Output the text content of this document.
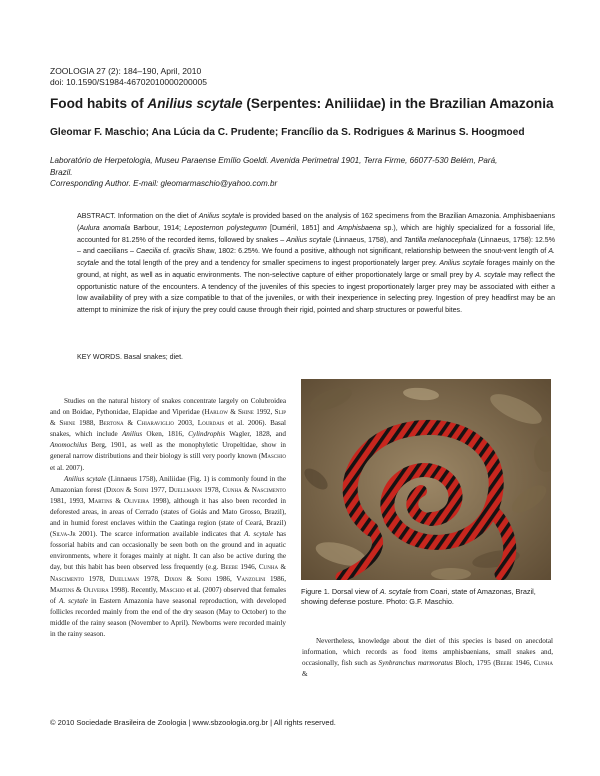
ZOOLOGIA 27 (2): 184–190, April, 2010
doi: 10.1590/S1984-46702010000200005
Food habits of Anilius scytale (Serpentes: Aniliidae) in the Brazilian Amazonia
Gleomar F. Maschio; Ana Lúcia da C. Prudente; Francílio da S. Rodrigues & Marinus S. Hoogmoed
Laboratório de Herpetologia, Museu Paraense Emílio Goeldi. Avenida Perimetral 1901, Terra Firme, 66077-530 Belém, Pará,
Brazil.
Corresponding Author. E-mail: gleomarmaschio@yahoo.com.br

ABSTRACT. Information on the diet of Anilius scytale is provided based on the analysis of 162 specimens from the Brazilian Amazonia. Amphisbaenians (Aulura anomala Barbour, 1914; Leposternon polystegumn [Duméril, 1851] and Amphisbaena sp.), which are highly specialized for a fossorial life, accounted for 81.25% of the recorded items, followed by snakes – Anilius scytale (Linnaeus, 1758), and Tantilla melanocephala (Linnaeus, 1758): 12.5% – and caecilians – Caecilia cf. gracilis Shaw, 1802: 6.25%. We found a positive, although not significant, relationship between the snout-vent length of A. scytale and the total length of the prey and a tendency for smaller specimens to ingest proportionately larger prey. Anilius scytale forages mainly on the ground, at night, as well as in aquatic environments. The non-selective capture of either proportionately large or small prey by A. scytale may reflect the opportunistic nature of the encounters. A tendency of the juveniles of this species to ingest proportionately larger prey may be associated with either a low availability of prey with a size compatible to that of the juveniles, or with their inexperience in selecting prey. Ingestion of prey headfirst may be an attempt to minimize the risk of injury the prey could cause through their rigid, pointed and sharp structures or powerful bites.

KEY WORDS. Basal snakes; diet.

Studies on the natural history of snakes concentrate largely on Colubroidea and on Boidae, Pythonidae, Elapidae and Viperidae (Harlow & Shine 1992, Slip & Shine 1988, Bertona & Chiaraviglio 2003, Lourdais et al. 2006). Basal snakes, which include Anilius Oken, 1816, Cylindrophis Wagler, 1828, and Anomochilus Berg, 1901, as well as the monophyletic Uropeltidae, show in general narrow distributions and their biology is still very poorly known (Maschio et al. 2007).

Anilius scytale (Linnaeus 1758), Aniliidae (Fig. 1) is commonly found in the Amazonian forest (Dixon & Soini 1977, Duellmann 1978, Cunha & Nascimento 1981, 1993, Martins & Oliveira 1998), although it has also been recorded in deforested areas, in areas of Cerrado (states of Goiás and Mato Grosso, Brazil), and in humid forest enclaves within the Caatinga region (state of Ceará, Brazil) (Silva-Jr 2001). The scarce information available indicates that A. scytale has fossorial habits and can occasionally be seen both on the ground and in aquatic environments, where it forages mainly at night. It can also be active during the day, but this habit has been observed less frequently (e.g. Beebe 1946, Cunha & Nascimento 1978, Duellman 1978, Dixon & Soini 1986, Vanzolini 1986, Martins & Oliveira 1998). Recently, Maschio et al. (2007) observed that females of A. scytale in Eastern Amazonia have seasonal reproduction, with developed follicles recorded mainly from the end of the dry season (May to October) to the middle of the rainy season (November to April). Newborns were recorded mainly in the rainy season.

Figure 1. Dorsal view of A. scytale from Coari, state of Amazonas, Brazil, showing defense posture. Photo: G.F. Maschio.

Nevertheless, knowledge about the diet of this species is based on anecdotal information, which records as food items amphisbaenians, small snakes and, occasionally, fish such as Synbranchus marmoratus Bloch, 1795 (Beebe 1946, Cunha &

© 2010 Sociedade Brasileira de Zoologia | www.sbzoologia.org.br | All rights reserved.
